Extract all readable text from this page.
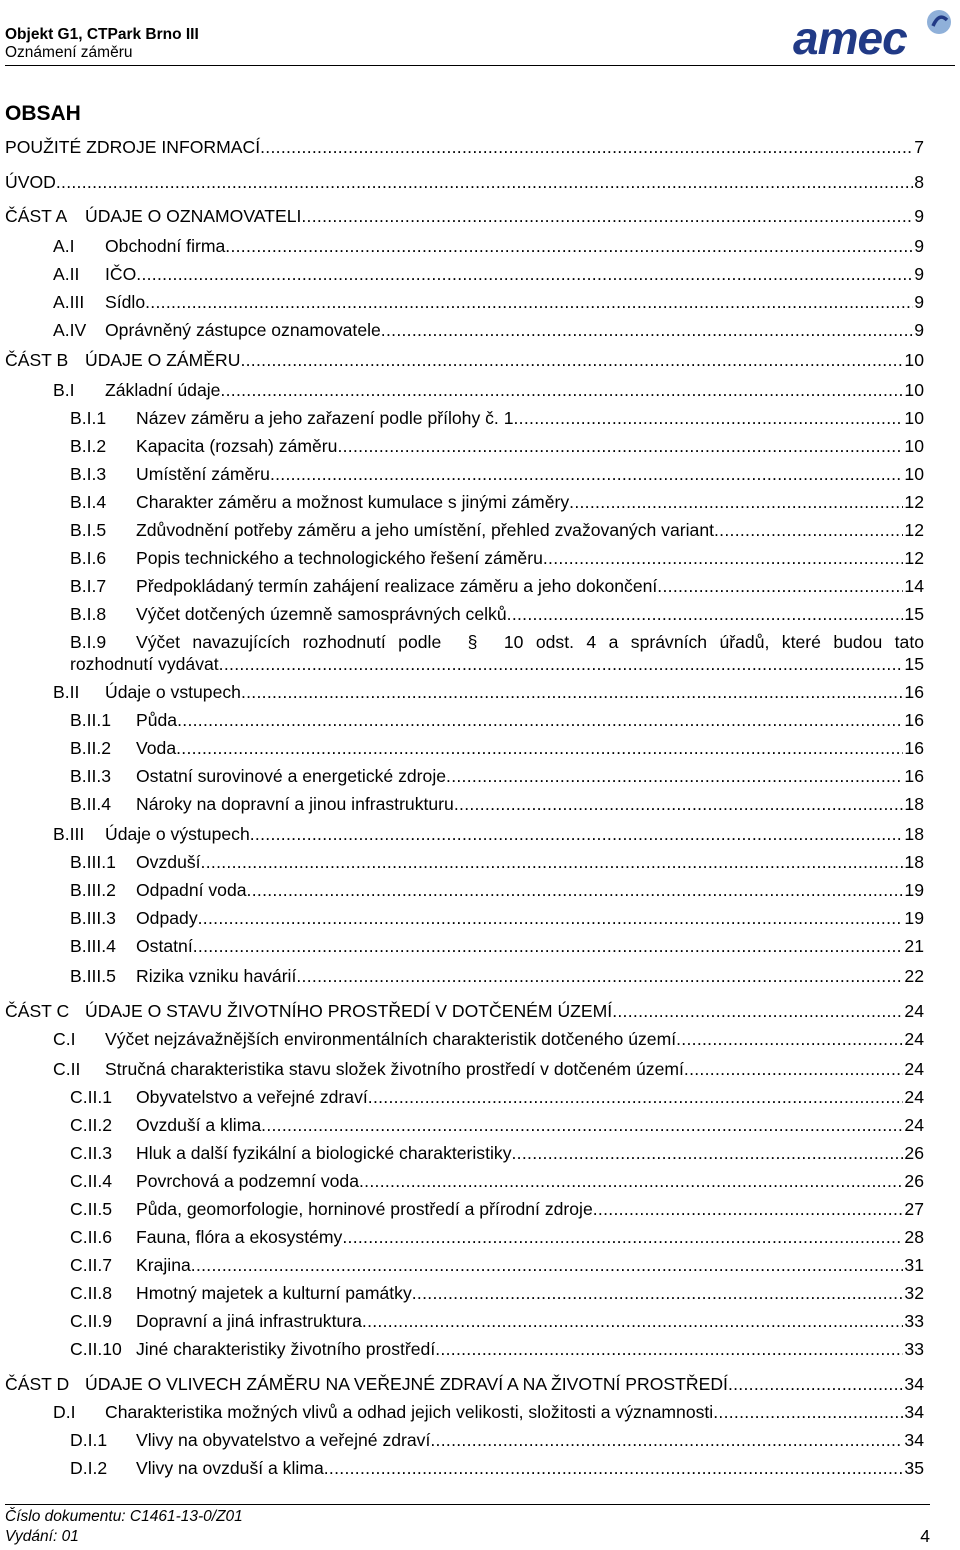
Objekt G1, CTPark Brno III
Oznámení záměru	amec
OBSAH
POUŽITÉ ZDROJE INFORMACÍ . . .	7
ÚVOD . . .	8
ČÁST A ÚDAJE O OZNAMOVATELI . . .	9
A.I Obchodní firma . . .	9
A.II IČO . . .	9
A.III Sídlo . . .	9
A.IV Oprávněný zástupce oznamovatele . . .	9
ČÁST B ÚDAJE O ZÁMĚRU . . .	10
B.I Základní údaje . . .	10
B.I.1 Název záměru a jeho zařazení podle přílohy č. 1 . . .	10
B.I.2 Kapacita (rozsah) záměru . . .	10
B.I.3 Umístění záměru . . .	10
B.I.4 Charakter záměru a možnost kumulace s jinými záměry . . .	12
B.I.5 Zdůvodnění potřeby záměru a jeho umístění, přehled zvažovaných variant . . .	12
B.I.6 Popis technického a technologického řešení záměru . . .	12
B.I.7 Předpokládaný termín zahájení realizace záměru a jeho dokončení . . .	14
B.I.8 Výčet dotčených územně samosprávných celků . . .	15
B.I.9 Výčet navazujících rozhodnutí podle § 10 odst. 4 a správních úřadů, které budou tato
rozhodnutí vydávat . . .	15
B.II Údaje o vstupech . . .	16
B.II.1 Půda . . .	16
B.II.2 Voda . . .	16
B.II.3 Ostatní surovinové a energetické zdroje . . .	16
B.II.4 Nároky na dopravní a jinou infrastrukturu . . .	18
B.III Údaje o výstupech . . .	18
B.III.1 Ovzduší . . .	18
B.III.2 Odpadní voda . . .	19
B.III.3 Odpady . . .	19
B.III.4 Ostatní . . .	21
B.III.5 Rizika vzniku havárií . . .	22
ČÁST C ÚDAJE O STAVU ŽIVOTNÍHO PROSTŘEDÍ V DOTČENÉM ÚZEMÍ . . .	24
C.I Výčet nejzávažnějších environmentálních charakteristik dotčeného území . . .	24
C.II Stručná charakteristika stavu složek životního prostředí v dotčeném území . . .	24
C.II.1 Obyvatelstvo a veřejné zdraví . . .	24
C.II.2 Ovzduší a klima . . .	24
C.II.3 Hluk a další fyzikální a biologické charakteristiky . . .	26
C.II.4 Povrchová a podzemní voda . . .	26
C.II.5 Půda, geomorfologie, horninové prostředí a přírodní zdroje . . .	27
C.II.6 Fauna, flóra a ekosystémy . . .	28
C.II.7 Krajina . . .	31
C.II.8 Hmotný majetek a kulturní památky . . .	32
C.II.9 Dopravní a jiná infrastruktura . . .	33
C.II.10 Jiné charakteristiky životního prostředí . . .	33
ČÁST D ÚDAJE O VLIVECH ZÁMĚRU NA VEŘEJNÉ ZDRAVÍ A NA ŽIVOTNÍ PROSTŘEDÍ . . .	34
D.I Charakteristika možných vlivů a odhad jejich velikosti, složitosti a významnosti . . .	34
D.I.1 Vlivy na obyvatelstvo a veřejné zdraví . . .	34
D.I.2 Vlivy na ovzduší a klima . . .	35
Číslo dokumentu: C1461-13-0/Z01
Vydání: 01	4
